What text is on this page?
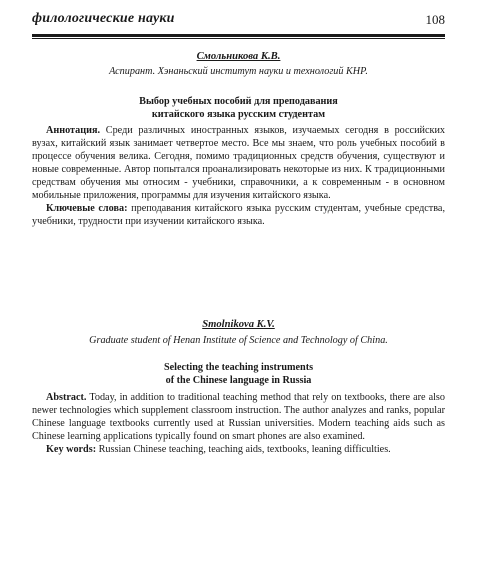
филологические науки	108
Смольникова К.В.
Аспирант. Хэнаньский институт науки и технологий КНР.
Выбор учебных пособий для преподавания
китайского языка русским студентам
Аннотация. Среди различных иностранных языков, изучаемых сегодня в российских вузах, китайский язык занимает четвертое место. Все мы знаем, что роль учебных пособий в процессе обучения велика. Сегодня, помимо традиционных средств обучения, существуют и новые современные. Автор попытался проанализировать некоторые из них. К традиционными средствам обучения мы относим - учебники, справочники, а к современным - в основном мобильные приложения, программы для изучения китайского языка.
Ключевые слова: преподавания китайского языка русским студентам, учебные средства, учебники, трудности при изучении китайского языка.
Smolnikova K.V.
Graduate student of Henan Institute of Science and Technology of China.
Selecting the teaching instruments
of the Chinese language in Russia
Abstract. Today, in addition to traditional teaching method that rely on textbooks, there are also newer technologies which supplement classroom instruction. The author analyzes and ranks, popular Chinese language textbooks currently used at Russian universities. Modern teaching aids such as Chinese learning applications typically found on smart phones are also examined.
Key words: Russian Chinese teaching, teaching aids, textbooks, leaning difficulties.
